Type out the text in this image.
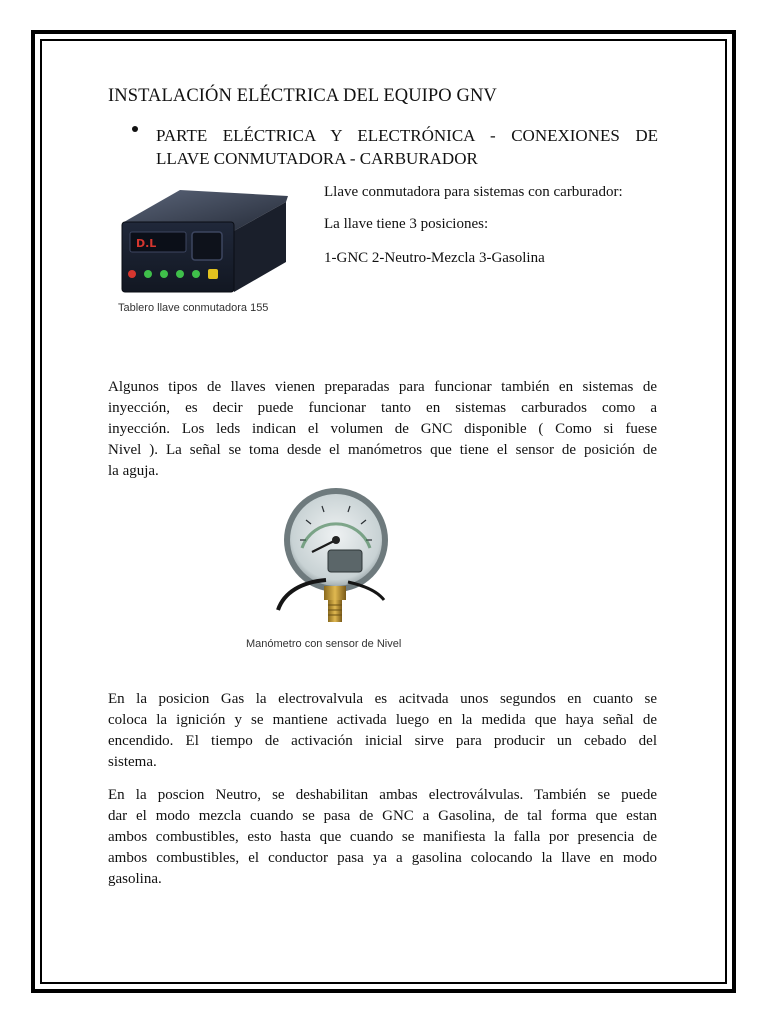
INSTALACIÓN ELÉCTRICA DEL EQUIPO GNV
PARTE ELÉCTRICA Y ELECTRÓNICA - CONEXIONES DE
LLAVE CONMUTADORA - CARBURADOR
D.L
Tablero llave conmutadora 155
Llave conmutadora para sistemas con carburador:
La llave tiene 3 posiciones:
1-GNC 2-Neutro-Mezcla 3-Gasolina
Algunos tipos de llaves vienen preparadas para funcionar también en sistemas de
inyección, es decir puede funcionar tanto en sistemas carburados como a
inyección. Los leds indican el volumen de GNC disponible ( Como si fuese
Nivel ). La señal se toma desde el manómetros que tiene el sensor de posición de
la aguja.
Manómetro con sensor de Nivel
En la posicion Gas la electrovalvula es acitvada unos segundos en cuanto se
coloca la ignición y se mantiene activada luego en la medida que haya señal de
encendido. El tiempo de activación inicial sirve para producir un cebado del
sistema.
En la poscion Neutro, se deshabilitan ambas electroválvulas. También se puede
dar el modo mezcla cuando se pasa de GNC a Gasolina, de tal forma que estan
ambos combustibles, esto hasta que cuando se manifiesta la falla por presencia de
ambos combustibles, el conductor pasa ya a gasolina colocando la llave en modo
gasolina.
